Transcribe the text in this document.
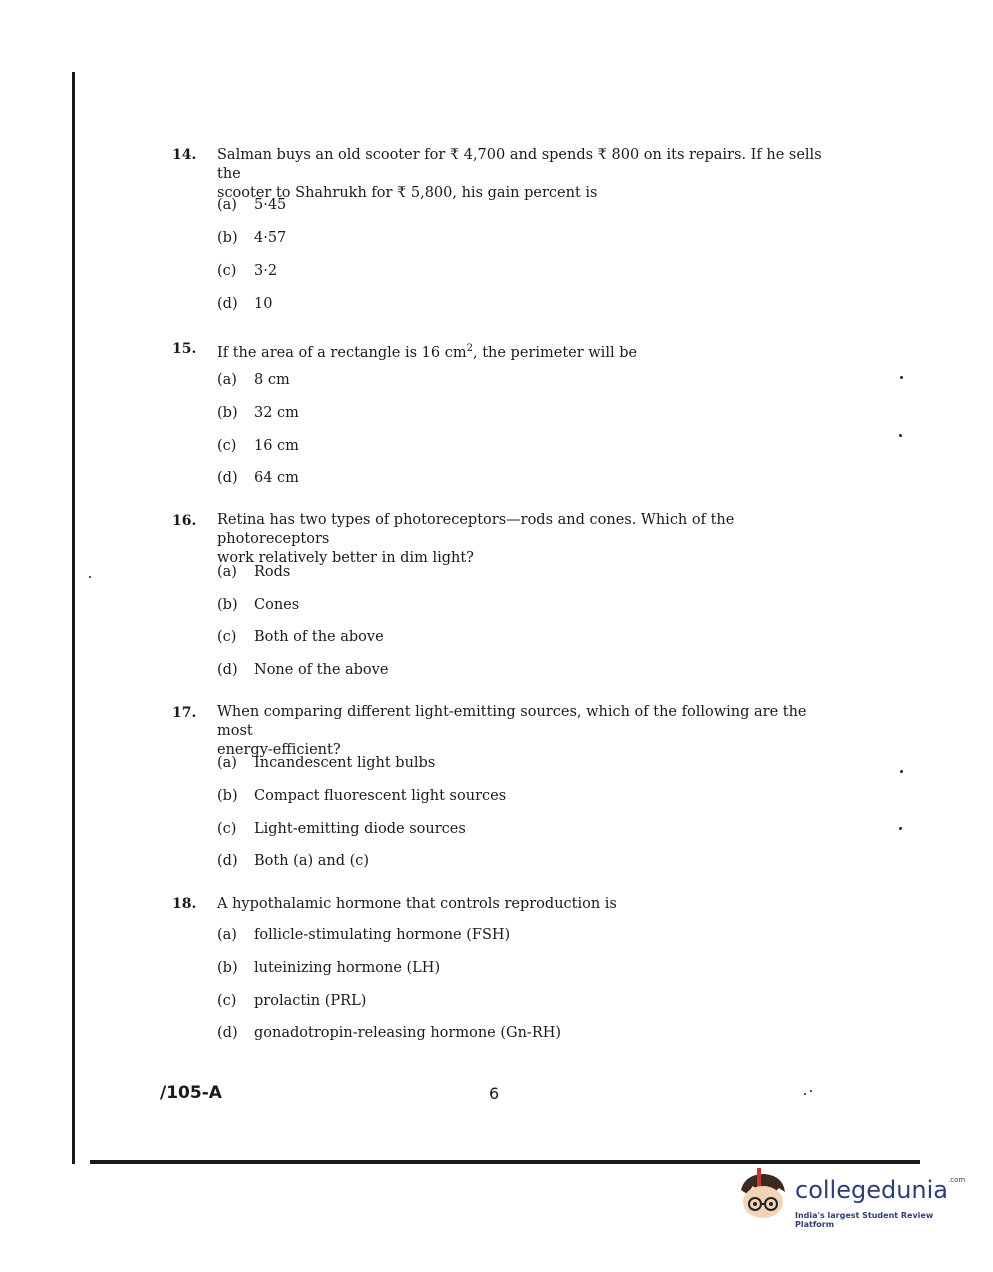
14. Salman buys an old scooter for ₹ 4,700 and spends ₹ 800 on its repairs. If he sells the
scooter to Shahrukh for ₹ 5,800, his gain percent is
(a) 5·45
(b) 4·57
(c) 3·2
(d) 10
15. If the area of a rectangle is 16 $cm^2$, the perimeter will be
(a) 8 cm
(b) 32 cm
(c) 16 cm
(d) 64 cm
16. Retina has two types of photoreceptors—rods and cones. Which of the photoreceptors
work relatively better in dim light?
(a) Rods
(b) Cones
(c) Both of the above
(d) None of the above
17. When comparing different light-emitting sources, which of the following are the most
energy-efficient?
(a) Incandescent light bulbs
(b) Compact fluorescent light sources
(c) Light-emitting diode sources
(d) Both (a) and (c)
18. A hypothalamic hormone that controls reproduction is
(a) follicle-stimulating hormone (FSH)
(b) luteinizing hormone (LH)
(c) prolactin (PRL)
(d) gonadotropin-releasing hormone (Gn-RH)
/105-A	6
collegedunia$^{.com}$
India's largest Student Review Platform
